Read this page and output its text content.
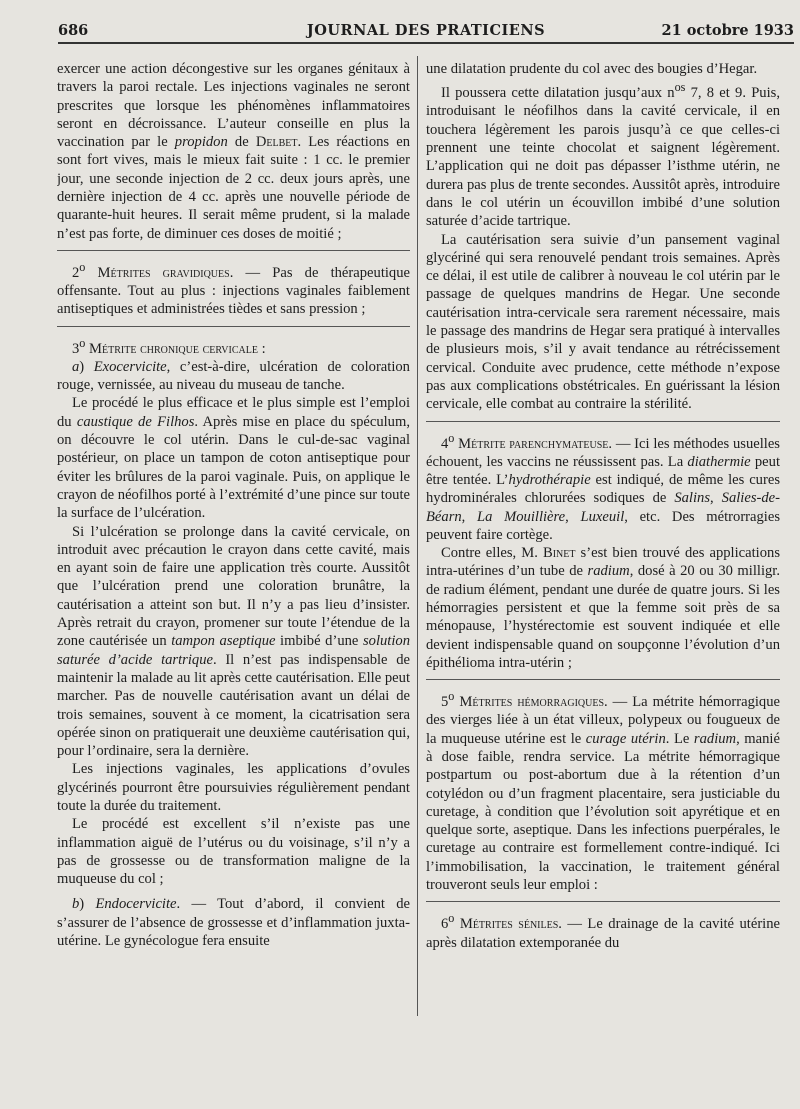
686	JOURNAL DES PRATICIENS	21 octobre 1933

exercer une action décongestive sur les organes génitaux à travers la paroi rectale. Les injections vaginales ne seront prescrites que lorsque les phénomènes inflammatoires seront en décroissance. L’auteur conseille en plus la vaccination par le propidon de Delbet. Les réactions en sont fort vives, mais le mieux fait suite : 1 cc. le premier jour, une seconde injection de 2 cc. deux jours après, une dernière injection de 4 cc. après une nouvelle période de quarante-huit heures. Il serait même prudent, si la malade n’est pas forte, de diminuer ces doses de moitié ;

2$^o$ Métrites gravidiques. — Pas de thérapeutique offensante. Tout au plus : injections vaginales faiblement antiseptiques et administrées tièdes et sans pression ;

3$^o$ Métrite chronique cervicale :

a) Exocervicite, c’est-à-dire, ulcération de coloration rouge, vernissée, au niveau du museau de tanche.

Le procédé le plus efficace et le plus simple est l’emploi du caustique de Filhos. Après mise en place du spéculum, on découvre le col utérin. Dans le cul-de-sac vaginal postérieur, on place un tampon de coton antiseptique pour éviter les brûlures de la paroi vaginale. Puis, on applique le crayon de néofilhos porté à l’extrémité d’une pince sur toute la surface de l’ulcération.

Si l’ulcération se prolonge dans la cavité cervicale, on introduit avec précaution le crayon dans cette cavité, mais en ayant soin de faire une application très courte. Aussitôt que l’ulcération prend une coloration brunâtre, la cautérisation a atteint son but. Il n’y a pas lieu d’insister. Après retrait du crayon, promener sur toute l’étendue de la zone cautérisée un tampon aseptique imbibé d’une solution saturée d’acide tartrique. Il n’est pas indispensable de maintenir la malade au lit après cette cautérisation. Elle peut marcher. Pas de nouvelle cautérisation avant un délai de trois semaines, souvent à ce moment, la cicatrisation sera opérée sinon on pratiquerait une deuxième cautérisation qui, pour l’ordinaire, sera la dernière.

Les injections vaginales, les applications d’ovules glycérinés pourront être poursuivies régulièrement pendant toute la durée du traitement.

Le procédé est excellent s’il n’existe pas une inflammation aiguë de l’utérus ou du voisinage, s’il n’y a pas de grossesse ou de transformation maligne de la muqueuse du col ;

b) Endocervicite. — Tout d’abord, il convient de s’assurer de l’absence de grossesse et d’inflammation juxta-utérine. Le gynécologue fera ensuite

une dilatation prudente du col avec des bougies d’Hegar.

Il poussera cette dilatation jusqu’aux $n^{os}$ 7, 8 et 9. Puis, introduisant le néofilhos dans la cavité cervicale, il en touchera légèrement les parois jusqu’à ce que celles-ci prennent une teinte chocolat et saignent légèrement. L’application qui ne doit pas dépasser l’isthme utérin, ne durera pas plus de trente secondes. Aussitôt après, introduire dans le col utérin un écouvillon imbibé d’une solution saturée d’acide tartrique.

La cautérisation sera suivie d’un pansement vaginal glycériné qui sera renouvelé pendant trois semaines. Après ce délai, il est utile de calibrer à nouveau le col utérin par le passage de quelques mandrins de Hegar. Une seconde cautérisation intra-cervicale sera rarement nécessaire, mais le passage des mandrins de Hegar sera pratiqué à intervalles de plusieurs mois, s’il y avait tendance au rétrécissement cervical. Conduite avec prudence, cette méthode n’expose pas aux complications obstétricales. En guérissant la lésion cervicale, elle combat au contraire la stérilité.

4$^o$ Métrite parenchymateuse. — Ici les méthodes usuelles échouent, les vaccins ne réussissent pas. La diathermie peut être tentée. L’hydrothérapie est indiqué, de même les cures hydrominérales chlorurées sodiques de Salins, Salies-de-Béarn, La Mouillière, Luxeuil, etc. Des métrorragies peuvent faire cortège.

Contre elles, M. Binet s’est bien trouvé des applications intra-utérines d’un tube de radium, dosé à 20 ou 30 milligr. de radium élément, pendant une durée de quatre jours. Si les hémorragies persistent et que la femme soit près de sa ménopause, l’hystérectomie est souvent indiquée et elle devient indispensable quand on soupçonne l’évolution d’un épithélioma intra-utérin ;

5$^o$ Métrites hémorragiques. — La métrite hémorragique des vierges liée à un état villeux, polypeux ou fougueux de la muqueuse utérine est le curage utérin. Le radium, manié à dose faible, rendra service. La métrite hémorragique postpartum ou post-abortum due à la rétention d’un cotylédon ou d’un fragment placentaire, sera justiciable du curetage, à condition que l’évolution soit apyrétique et en quelque sorte, aseptique. Dans les infections puerpérales, le curetage au contraire est formellement contre-indiqué. Ici l’immobilisation, la vaccination, le traitement général trouveront seuls leur emploi :

6$^o$ Métrites séniles. — Le drainage de la cavité utérine après dilatation extemporanée du
